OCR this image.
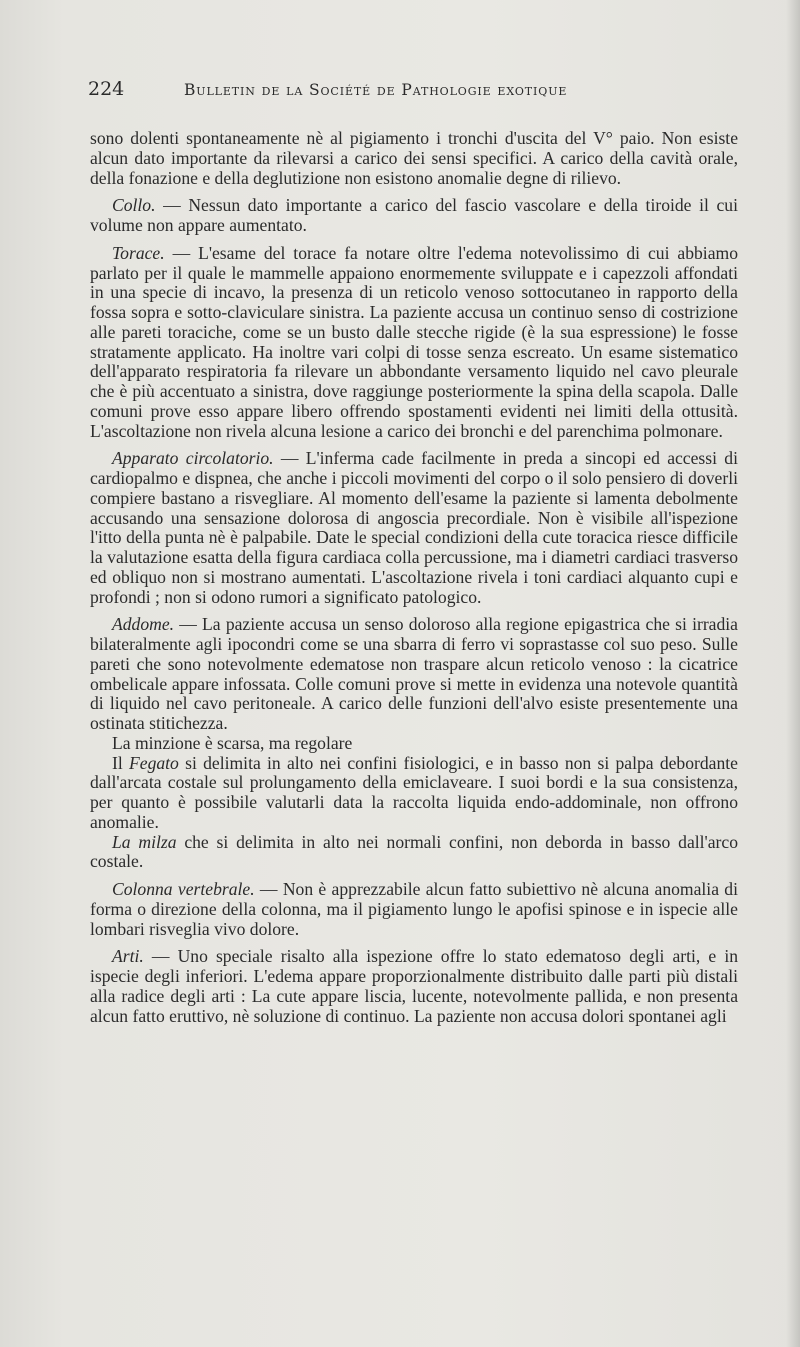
224	Bulletin de la Société de Pathologie exotique

sono dolenti spontaneamente nè al pigiamento i tronchi d'uscita del V° paio. Non esiste alcun dato importante da rilevarsi a carico dei sensi specifici. A carico della cavità orale, della fonazione e della deglutizione non esistono anomalie degne di rilievo.

Collo. — Nessun dato importante a carico del fascio vascolare e della tiroide il cui volume non appare aumentato.

Torace. — L'esame del torace fa notare oltre l'edema notevolissimo di cui abbiamo parlato per il quale le mammelle appaiono enormemente sviluppate e i capezzoli affondati in una specie di incavo, la presenza di un reticolo venoso sottocutaneo in rapporto della fossa sopra e sotto-claviculare sinistra. La paziente accusa un continuo senso di costrizione alle pareti toraciche, come se un busto dalle stecche rigide (è la sua espressione) le fosse stratamente applicato. Ha inoltre vari colpi di tosse senza escreato. Un esame sistematico dell'apparato respiratoria fa rilevare un abbondante versamento liquido nel cavo pleurale che è più accentuato a sinistra, dove raggiunge posteriormente la spina della scapola. Dalle comuni prove esso appare libero offrendo spostamenti evidenti nei limiti della ottusità. L'ascoltazione non rivela alcuna lesione a carico dei bronchi e del parenchima polmonare.

Apparato circolatorio. — L'inferma cade facilmente in preda a sincopi ed accessi di cardiopalmo e dispnea, che anche i piccoli movimenti del corpo o il solo pensiero di doverli compiere bastano a risvegliare. Al momento dell'esame la paziente si lamenta debolmente accusando una sensazione dolorosa di angoscia precordiale. Non è visibile all'ispezione l'itto della punta nè è palpabile. Date le special condizioni della cute toracica riesce difficile la valutazione esatta della figura cardiaca colla percussione, ma i diametri cardiaci trasverso ed obliquo non si mostrano aumentati. L'ascoltazione rivela i toni cardiaci alquanto cupi e profondi ; non si odono rumori a significato patologico.

Addome. — La paziente accusa un senso doloroso alla regione epigastrica che si irradia bilateralmente agli ipocondri come se una sbarra di ferro vi soprastasse col suo peso. Sulle pareti che sono notevolmente edematose non traspare alcun reticolo venoso : la cicatrice ombelicale appare infossata. Colle comuni prove si mette in evidenza una notevole quantità di liquido nel cavo peritoneale. A carico delle funzioni dell'alvo esiste presentemente una ostinata stitichezza.

La minzione è scarsa, ma regolare

Il Fegato si delimita in alto nei confini fisiologici, e in basso non si palpa debordante dall'arcata costale sul prolungamento della emiclaveare. I suoi bordi e la sua consistenza, per quanto è possibile valutarli data la raccolta liquida endo-addominale, non offrono anomalie.

La milza che si delimita in alto nei normali confini, non deborda in basso dall'arco costale.

Colonna vertebrale. — Non è apprezzabile alcun fatto subiettivo nè alcuna anomalia di forma o direzione della colonna, ma il pigiamento lungo le apofisi spinose e in ispecie alle lombari risveglia vivo dolore.

Arti. — Uno speciale risalto alla ispezione offre lo stato edematoso degli arti, e in ispecie degli inferiori. L'edema appare proporzionalmente distribuito dalle parti più distali alla radice degli arti : La cute appare liscia, lucente, notevolmente pallida, e non presenta alcun fatto eruttivo, nè soluzione di continuo. La paziente non accusa dolori spontanei agli
